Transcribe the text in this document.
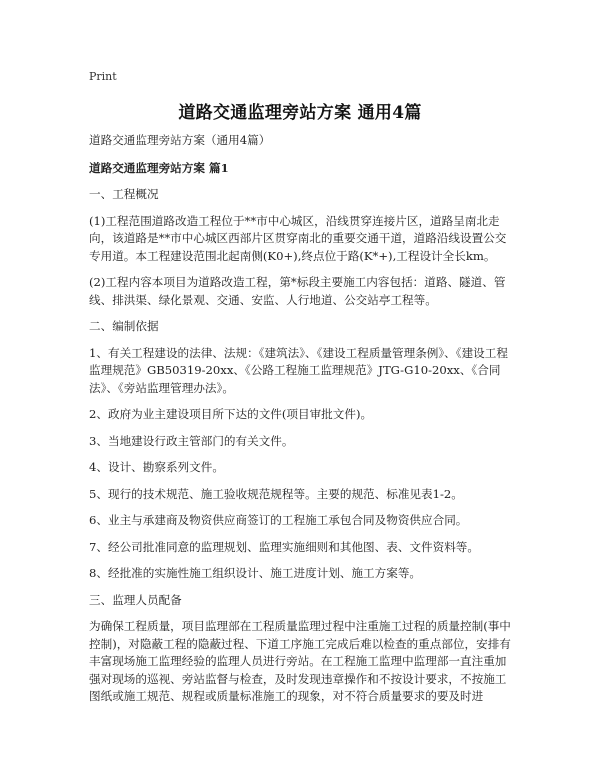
Print
道路交通监理旁站方案 通用4篇

道路交通监理旁站方案（通用4篇）

道路交通监理旁站方案 篇1

一、工程概况

(1)工程范围道路改造工程位于**市中心城区，沿线贯穿连接片区，道路呈南北走向，该道路是**市中心城区西部片区贯穿南北的重要交通干道，道路沿线设置公交专用道。本工程建设范围北起南侧(K0+),终点位于路(K*+),工程设计全长km。

(2)工程内容本项目为道路改造工程，第*标段主要施工内容包括：道路、隧道、管线、排洪渠、绿化景观、交通、安监、人行地道、公交站亭工程等。

二、编制依据

1、有关工程建设的法律、法规：《建筑法》、《建设工程质量管理条例》、《建设工程监理规范》GB50319-20xx、《公路工程施工监理规范》JTG-G10-20xx、《合同法》、《旁站监理管理办法》。

2、政府为业主建设项目所下达的文件(项目审批文件)。

3、当地建设行政主管部门的有关文件。

4、设计、勘察系列文件。

5、现行的技术规范、施工验收规范规程等。主要的规范、标准见表1-2。

6、业主与承建商及物资供应商签订的工程施工承包合同及物资供应合同。

7、经公司批准同意的监理规划、监理实施细则和其他图、表、文件资料等。

8、经批准的实施性施工组织设计、施工进度计划、施工方案等。

三、监理人员配备

为确保工程质量，项目监理部在工程质量监理过程中注重施工过程的质量控制(事中控制)，对隐蔽工程的隐蔽过程、下道工序施工完成后难以检查的重点部位，安排有丰富现场施工监理经验的监理人员进行旁站。在工程施工监理中监理部一直注重加强对现场的巡视、旁站监督与检查，及时发现违章操作和不按设计要求，不按施工图纸或施工规范、规程或质量标准施工的现象，对不符合质量要求的要及时进
